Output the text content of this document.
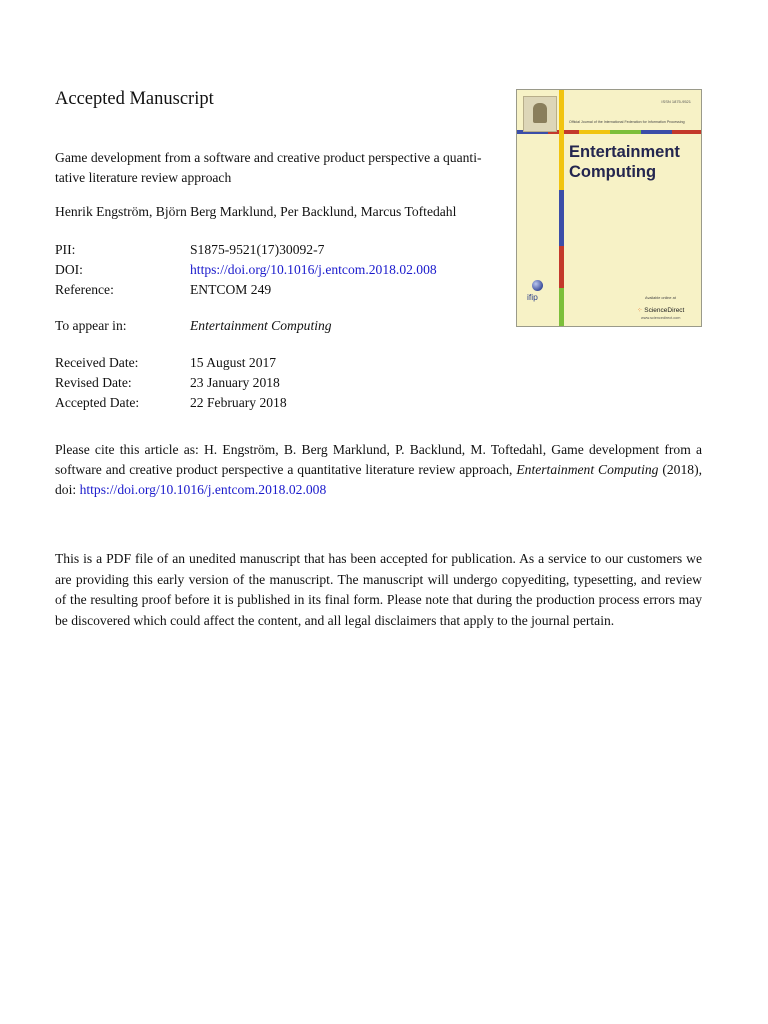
Accepted Manuscript
Game development from a software and creative product perspective a quanti-
tative literature review approach
Henrik Engström, Björn Berg Marklund, Per Backlund, Marcus Toftedahl
PII:	S1875-9521(17)30092-7
DOI:	https://doi.org/10.1016/j.entcom.2018.02.008
Reference:	ENTCOM 249
To appear in:	Entertainment Computing
Received Date:	15 August 2017
Revised Date:	23 January 2018
Accepted Date:	22 February 2018
Please cite this article as: H. Engström, B. Berg Marklund, P. Backlund, M. Toftedahl, Game development from a software and creative product perspective a quantitative literature review approach, Entertainment Computing (2018), doi: https://doi.org/10.1016/j.entcom.2018.02.008
This is a PDF file of an unedited manuscript that has been accepted for publication. As a service to our customers we are providing this early version of the manuscript. The manuscript will undergo copyediting, typesetting, and review of the resulting proof before it is published in its final form. Please note that during the production process errors may be discovered which could affect the content, and all legal disclaimers that apply to the journal pertain.
ISSN 1875-9521
Official Journal of the International Federation for Information Processing
Entertainment
Computing
ifip	Available online at
⁘ ScienceDirect
www.sciencedirect.com
